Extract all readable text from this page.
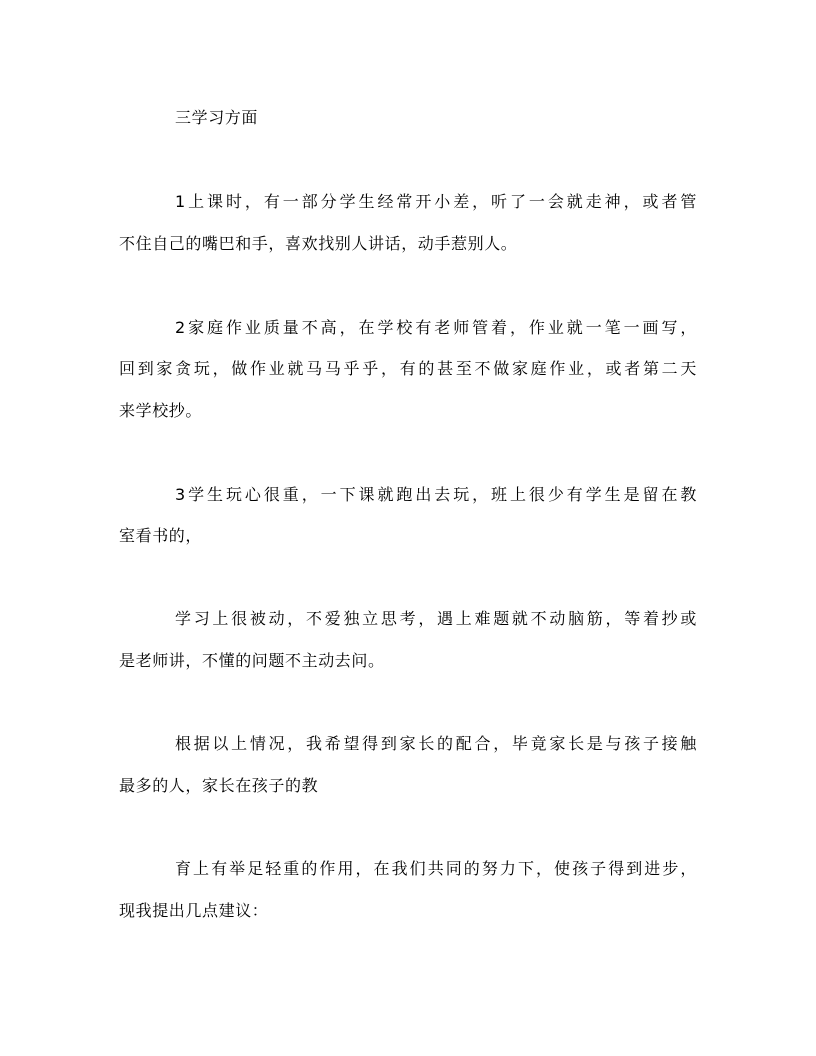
三学习方面
1上课时，有一部分学生经常开小差，听了一会就走神，或者管
不住自己的嘴巴和手，喜欢找别人讲话，动手惹别人。
2家庭作业质量不高，在学校有老师管着，作业就一笔一画写，
回到家贪玩，做作业就马马乎乎，有的甚至不做家庭作业，或者第二天
来学校抄。
3学生玩心很重，一下课就跑出去玩，班上很少有学生是留在教
室看书的，
学习上很被动，不爱独立思考，遇上难题就不动脑筋，等着抄或
是老师讲，不懂的问题不主动去问。
根据以上情况，我希望得到家长的配合，毕竟家长是与孩子接触
最多的人，家长在孩子的教
育上有举足轻重的作用，在我们共同的努力下，使孩子得到进步，
现我提出几点建议：
